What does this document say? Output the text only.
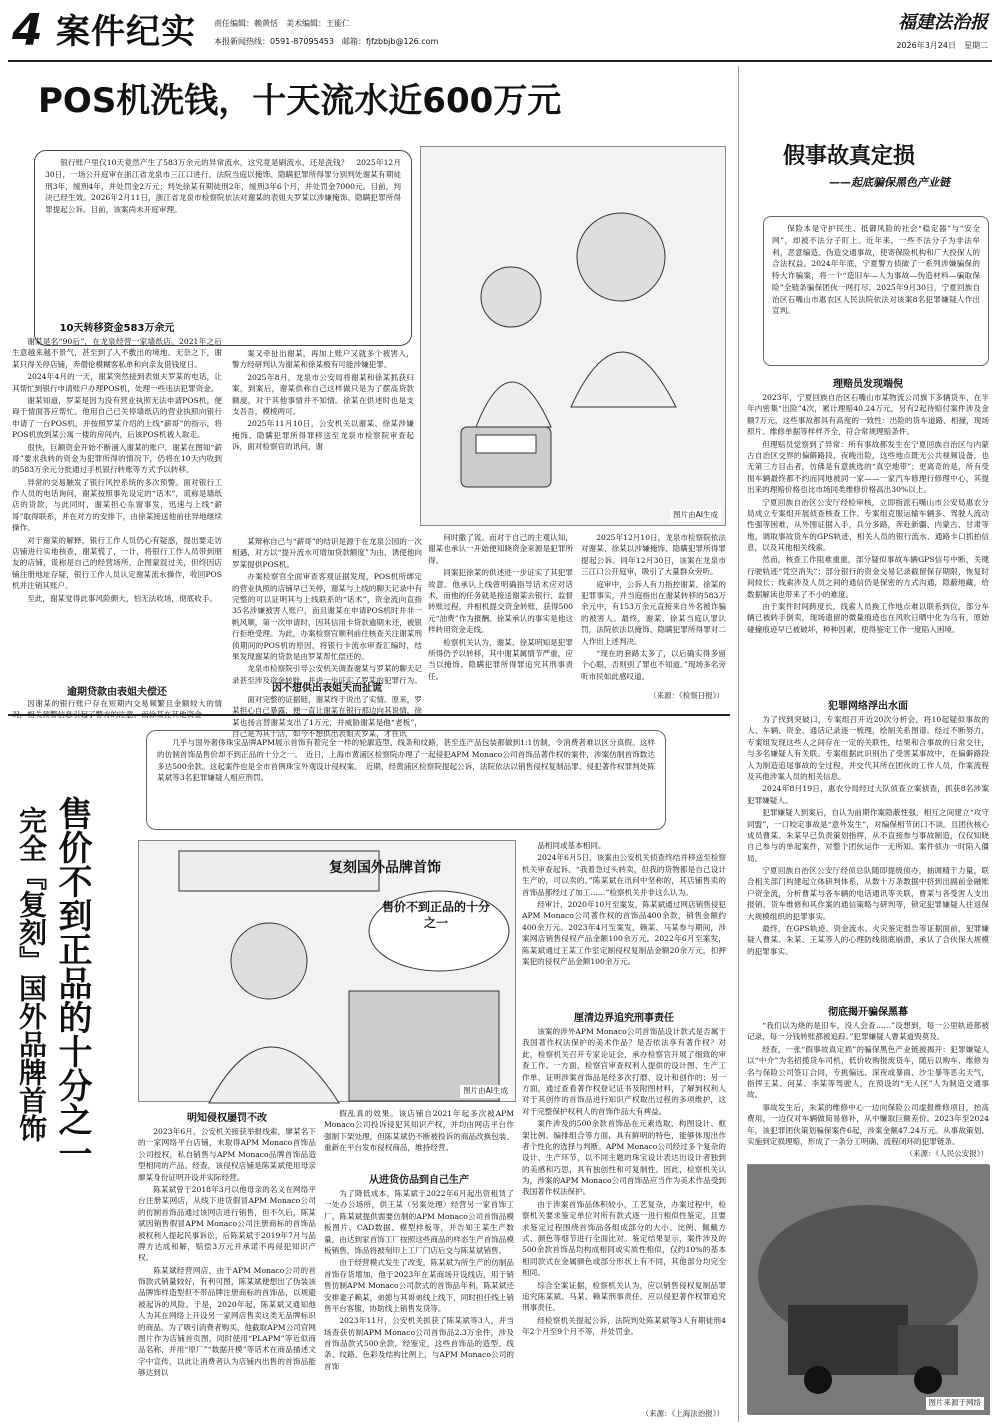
4 案件纪实 责任编辑：赖黄恬　美术编辑：王能仁
本报新闻热线：0591-87095453　邮箱：fjfzbbjb@126.com
福建法治报
2026年3月24日　星期二
POS机洗钱，十天流水近600万元

银行账户里仅10天竟然产生了583万余元的异常流水，这究竟是刷流水，还是洗钱？　2025年12月30日，一场公开庭审在浙江省龙泉市三江口进行。法院当庭以掩饰、隐瞒犯罪所得罪分别判处谢某有期徒刑3年，缓刑4年，并处罚金2万元；判处徐某有期徒刑2年，缓刑3年6个月，并处罚金7000元。目前，判决已经生效。2026年2月11日，浙江省龙泉市检察院依法对谢某的表姐夫罗某以涉嫌掩饰、隐瞒犯罪所得罪提起公诉。目前，该案尚未开庭审理。

图片由AI生成
10天转移资金583万余元

谢某是名“90后”，在龙泉经营一家墙纸店。2021年之后生意越来越不景气，甚至到了入不敷出的境地。无奈之下，谢某只得关停店铺，奔僧伦模糊客私单和向亲友借钱度日。

2024年4月的一天，谢某突然接到表姐夫罗某的电话，让其帮忙到银行申请账户办理POS机，处理一些违法犯罪资金。

谢某知道，罗某是因为没有营业执照无法申请POS机，便碍于情面答应帮忙。他用自己已关停墙纸店的营业执照向银行申请了一台POS机，并按照罗某介绍的上线“薪哥”的指示，将POS机放到某公寓一楼的房间内，后该POS机被人取走。

很快，巨额资金开始不断涌入谢某的账户，谢某在图知“薪哥”要求我转的资金为犯罪所得的情况下，仍将在10天内收到的583万余元分批通过手机银行转账等方式予以转移。

异常的交易触发了银行风控系统的多次预警。面对银行工作人员的电话询问，谢某按照事先设定的“话术”，谎称是墙纸店的货款，与此同时，谢某担心东窗事发，迅速与上线“薪哥”取得联系，并在对方的安排下，由徐某接送他前往异地继续操作。

对于谢某的解释，银行工作人员仍心有疑惑，提出要走访店铺进行实地核查，谢某慌了，一计，将银行工作人员带到朋友的店铺，谎称是自己的经营场所，企图蒙混过关，但终因店铺注册地址存疑，银行工作人员认定谢某流水操作，收回POS机并注销其账户。

至此，谢某觉得此事风险颇大，怕无法收场，彻底收手。

逾期贷款由表姐夫偿还

因谢某的银行账户存在短期内交易频繁且金额较大的情况，相关预警信息引起了警方的注意。而徐某在其他资金

案又牵扯出谢某，再加上账户又就多个被害人，警方经研判认为谢某和徐某极有可能涉嫌犯罪。

2025年8月，龙泉市公安局将谢某和徐某抓获归案，到案后，谢某供称自己这样做只是为了摆高贷款额度，对于其他事情并不知情。徐某在供述时也是支支吾吾，模棱两可。

2025年11月10日，公安机关以谢某、徐某涉嫌掩饰、隐瞒犯罪所得罪移送至龙泉市检察院审查起诉，面对检察官的讯问，谢

某辩称自己与“薪哥”的结识是源于在龙泉公园的一次相遇，对方以“提升流水可增加贷款额度”为由，诱使他向罗某提供POS机。

办案检察官全面审查客观证据发现，POS机所绑定的营业执照的店铺早已关停，谢某与上线的聊天记录中有完整的可以证明其与上线联系的“话术”，资金流向直指35名涉嫌被害人账户，而且谢某在申请POS机时并非一帆风顺，第一次申请时，因其信用卡贷款逾期未还，被银行拒绝受理。为此，办案检察官顺利前往核查关注谢某刑侦期间的POS机的原因，将银行卡流水审查汇编时，结果发现谢某的贷款是由罗某帮忙偿还的。

龙泉市检察院引导公安机关调查谢某与罗某的聊天记录甚至涉及资金转账，并进一步证实了罗某的犯罪行为。

因不想供出表姐夫而扯谎

面对完整的证据链，谢某终于说出了实情。原来，罗某担心自己暴露，便一直让谢某在银行那边向其说情，徐某也扬言替谢某支出了1万元，并威胁谢某是他“老板”，自己是为其干活，如今不想供出表姐夫罗某，才在讯

问时撒了谎。而对于自己的主观认知，谢某也承认一开始便知晓资金来源是犯罪所得。

同案犯徐某的供述进一步证实了其犯罪故意。他承认上线曾明确指导话术应对话术，而他的任务就是接送谢某去银行、监督转账过程，并相机提交资金转账，获得500元“油费”作为报酬。徐某承认的事实是他这样转用资金走线。

检察机关认为，谢某、徐某明知是犯罪所得仍予以转移，其中谢某属情节严重，应当以掩饰、隐瞒犯罪所得罪追究其刑事责任。

2025年12月10日，龙泉市检察院依法对谢某、徐某以涉嫌掩饰、隐瞒犯罪所得罪提起公诉。同年12月30日，该案在龙泉市三江口公开庭审，吸引了大量群众旁听。

庭审中，公诉人有力指控谢某、徐某的犯罪事实，并当庭指出在谢某转移的583万余元中，有153万余元直接来自外名被诈骗的被害人。最终，谢某、徐某当庭认罪认罚，法院依法以掩饰、隐瞒犯罪所得罪对二人作出上述判决。

“现在的套路太多了，以后确实得多留个心眼，否则别了罪也不知道。”现场多名旁听市民如此感叹道。

（来源：《检察日报》）
假事故真定损
——起底骗保黑色产业链

保险本是守护民生、抵御风险的社会“稳定器”与“安全网”，却被不法分子盯上。近年来，一些不法分子为非法牟利，恶意编造、伪造交通事故，使寄保险机构和广大投保人的合法权益。2024年年底，宁夏警方侦破了一系列涉嫌骗保的特大诈骗案，将一个“造旧车—人为事故—伪造材料—骗取保险”全链条骗保团伙一网打尽。2025年9月30日，宁夏回族自治区石嘴山市惠农区人民法院依法对该案8名犯罪嫌疑人作出宣判。

理赔员发现端倪

2023年，宁夏回族自治区石嘴山市某物流公司旗下多辆货车，在半年内密集“出险”4次，累计理赔40.24万元，另有2起待赔付案件涉及金额7万元，这些事故都具有高度的一致性：出险的货车道路、相撞，现场照片、维修单据等样样齐全，符合常规理赔条件。

但理赔员觉察到了异常：所有事故都发生在宁夏回族自治区与内蒙古自治区交界的偏僻路段，夜晚出险，这些地点既无公共视频设备，也无第三方目击者，仿佛是有意挑选的“真空地带”；更离奇的是，所有受损车辆最终都不约而同地被同一家——一家汽车修理行修理中心，其提出来的理赔价格也比市场同类维修价格高出30%以上。

宁夏回族自治区公安厅经检审核，立即指派石嘴山市公安局惠农分局成立专案组开展侦查核查工作。专案组克服运输车辆多、驾驶人流动性强等困难，从外围证据入手，兵分多路，奔赴新疆、内蒙古、甘肃等地，调取事故货车的GPS轨迹，相关人员的银行流水、通路卡口抓拍信息，以及其他相关线索。

然而，核查工作阻难重重，部分疑似事故车辆GPS信号中断，关键行驶轨迹“凭空消失”；部分银行的资金交易记录截留保存期限，恢复时间较长；线索涉及人员之间的通信仍是保密的方式沟通，隐蔽地藏，给数据解读也带来了不小的难度。

由于案件时间跨度长，线索人员换工作地点难以联系到位，部分车辆已被转手倒卖，现场遗留的微量痕迹也在风吹日晒中化为乌有，原始碰撞痕迹早已被破坏，种种因素，使得鉴定工作一度陷入困境。

犯罪网络浮出水面

为了找到突破口，专案组召开近20次分析会，将10起疑似事故的人、车辆、资金、通话记录逐一梳理，绘制关系图谱。经过不断努力，专案组发现这些人之间存在一定的关联性，结果和合事故的日常交往，与多名嫌疑人有关联。专案组据此识别出了受害某事故中，在偏僻路段人为制造追尾事故的全过程，并交代其所在团伙的工作人员，作案流程及其他涉案人员的相关信息。

2024年8月19日，惠农分局经过大队侦查立案侦查，抓获8名涉案犯罪嫌疑人。

犯罪嫌疑人到案后，自认为前期作案隐蔽性强，相互之间建立“攻守同盟”，一口咬定事故是“意外发生”，对编保相节闭口不谈。且团伙核心成员曹某、朱某早已负责策划指挥，从不直接参与事故制造，仅仅知晓自己参与的单起案件，对整个团伙运作一无所知。案件侦办一时陷入僵局。

宁夏回族自治区公安厅经侦总队随即提级侦办，抽调精干力量，联合相关部门构建起立体研判体系，从数十万条数据中挤到出副前金融账户资金流，分析曹某与各车辆的电话通讯等关联，曹某与各受害人支出报销、货车维修和其作案的通信策略与研判等，锁定犯罪嫌疑人往返保大规模组织的犯罪事实。

最终，在GPS轨迹、资金流水、火灾鉴定报告等证据面前，犯罪嫌疑人曹某、朱某、王某等人的心理防线彻底崩溃，承认了合伙保大规模的犯罪事实。

彻底揭开骗保黑幕

“我们以为烧的是旧车，没人会查……”设想到，每一公里轨迹都被记录，每一分钱转账都被追踪。”犯罪嫌疑人曹某道毁莫及。

经查，一张“假事故真定损”的骗保黑色产业链被揭开：犯罪嫌疑人以“中介”为名招揽货车司机，低价收购报废货车，随后以购车、维修为名与保险公司签订合同，专挑偏远、深夜或暴雨、沙尘暴等恶劣天气，指挥王某、何某、李某等驾驶人，在预设的“无人区”人为制造交通事故。

事故发生后，朱某的维修中心一边向保险公司虚报维修项目，抬高费用，一边仅对车辆做简易修补，从中赚取巨额差价。2023年至2024年，该犯罪团伙策划骗保案件6起，涉案金额47.24万元。从事故策划、实施到定损理赔，形成了一条分工明确、流程闭环的犯罪链条。

（来源：《人民公安报》）
图片来源于网络
售价不到正品的十分之一
完全『复刻』国外品牌首饰

几乎与国外奢侈珠宝品牌APM展示首饰有着完全一样的轮廓造型、线条和纹路，甚至连产品包装都做到1:1仿制，令消费者难以区分真假。这样的仿制首饰品售价却不到正品的十分之一。　近日，上海市黄浦区检察院办理了一起侵犯APM Monaco公司首饰品著作权的案件，涉案仿制首饰数达多达500余款。这起案件也是全市首例珠宝外观设计侵权案。　近期，经黄浦区检察院提起公诉，法院依法以销售侵权复制品罪、侵犯著作权罪判处陈某斌等3名犯罪嫌疑人相应刑罚。

复刻国外品牌首饰
售价不到正品的十分之一
图片由AI生成
明知侵权屡罚不改

2023年6月，公安机关接获举报线索，廖某名下的一家网络平台店铺，未取得APM Monaco首饰品公司授权，私自销售与APM Monaco品牌首饰品造型相同的产品。经查，该侵权店铺是陈某斌使用母亲廖某身份证明开设并实际经营。

陈某斌曾于2018年3月以他母亲的名义在网络平台注册某网店，从线下进货假冒APM Monaco公司的仿制首饰品通过该网店进行销售，但不久后，陈某斌因销售假冒APM Monaco公司注册商标的首饰品被权利人提起民事诉讼，后陈某斌于2019年7月与品牌方达成和解，赔偿3万元并承诺不再侵犯知识产权。

陈某斌经营网店，由于APM Monaco公司的首饰款式销量较好，有利可图，陈某斌便想出了伪装该品牌饰样造型但不带品牌注册商标的首饰品，以规避被起诉的风险。于是，2020年起，陈某斌又通知他人为其在网络上开设另一家网店售卖这类无品牌标识的商品。为了吸引消费者购买，他截取APM公司官网图片作为店铺首页图，同时使用“PLAPM”等近似商品名称，并用“原厂”“数据开模”等话术在商品描述文字中宣传，以此让消费者认为店铺内出售的首饰品能够达到以

假乱真的效果。该店铺自2021年起多次被APM Monaco公司投诉侵犯其知识产权，并均由网店平台作强制下架处理，但陈某斌仍不断被投诉的商品改换包装、重新在平台发布侵权商品，维持经营。

从进货仿品到自己生产

为了降低成本，陈某斌于2022年6月起出资租赁了一处办公场所，供王某（另案处理）经营另一家首饰工厂。陈某斌提供需要仿制的APM Monaco公司首饰品模板图片、CAD数据、模型样板等，并告知王某生产数量，由达到家首饰工厂按照这些商品的样态生产首饰品模板销售，饰品将被刻印上工厂门店后交与陈某斌销售。

由于经营模式发生了改变，陈某斌为所生产的仿制品首饰存货增加，他于2023年在某商场开设线店，用于销售仿制APM Monaco公司款式的首饰品年利，陈某斌还安排妻子赖某，弟媳与其哥弟线上线下，同时担任线上销售平台客服，协助线上销售发货等。

2023年11月，公安机关抓获了陈某斌等3人，并当场查获仿制APM Monaco公司首饰品2.3万余件，涉及首饰品款式500余款。经鉴定，这些首饰品的造型、线条、纹路、色彩及结构比例上，与APM Monaco公司的首饰

品相同或基本相同。

2024年6月5日，该案由公安机关侦查终结并移送至检察机关审查起诉。“我着急过头转卖，但我的货物都是自己设计生产的，可以卖的。”陈某斌在讯问中坚称的，其店铺售卖的首饰品都经过了加工……”检察机关并非这么认为。

经审计，2020年10月至案发，陈某斌通过网店销售侵犯APM Monaco公司著作权的首饰品400余款，销售金额约400余万元。2023年4月至案发，赖某、马某参与期间，涉案网店销售侵权产品金额100余万元。2022年6月至案发，陈某斌通过王某工作室定制侵权复制品金额20余万元，扣押案犯的侵权产品金额100余万元。

厘清边界追究刑事责任

该案的涉外APM Monaco公司首饰品设计款式是否属于我国著作权法保护的美术作品？是否依法享有著作权？对此，检察机关召开专家论证会，承办检察官开展了细致的审查工作。一方面，检察官审查权利人提供的设计图、生产工作单、证明涉案首饰品是经多次打磨、设计和创作的；另一方面，通过查看著作权登记证书及附图材料，了解到权利人对于其创作的首饰品进行知识产权取出过程的多项维护，这对于完整保护权利人的首饰作品大有裨益。

案件涉及的500余款首饰品在元素选取、构图设计、框架比例、编排组合等方面，具有鲜明的特色，能够体现出作者个性化的选择与判断。APM Monaco公司经过多个复杂的设计、生产环节，以不同主题的珠宝设计表达出设计者独到的美感和巧思，具有独创性和可复制性。因此，检察机关认为，涉案的APM Monaco公司首饰品应当作为美术作品受到我国著作权法保护。

由于涉案首饰品体积较小，工艺复杂，办案过程中，检察机关要求鉴定单位对所有款式逐一进行相似性鉴定，且要求鉴定过程围绕首饰品各组成部分的大小、比例、佩戴方式、颜色等细节进行全面比对。鉴定结果显示，案件涉及的500余款首饰品均构成相同或实质性相似，仅约10%的基本相同款式在金属颜色或部分形状上有不同，其他部分均完全相同。

综合全案证据，检察机关认为，应以销售侵权复制品罪追究陈某斌、马某、赖某刑事责任，应以侵犯著作权罪追究刑事责任。

经检察机关提起公诉，法院判处陈某斌等3人有期徒刑4年2个月至9个月不等，并处罚金。

（来源：《上海法治报》）
